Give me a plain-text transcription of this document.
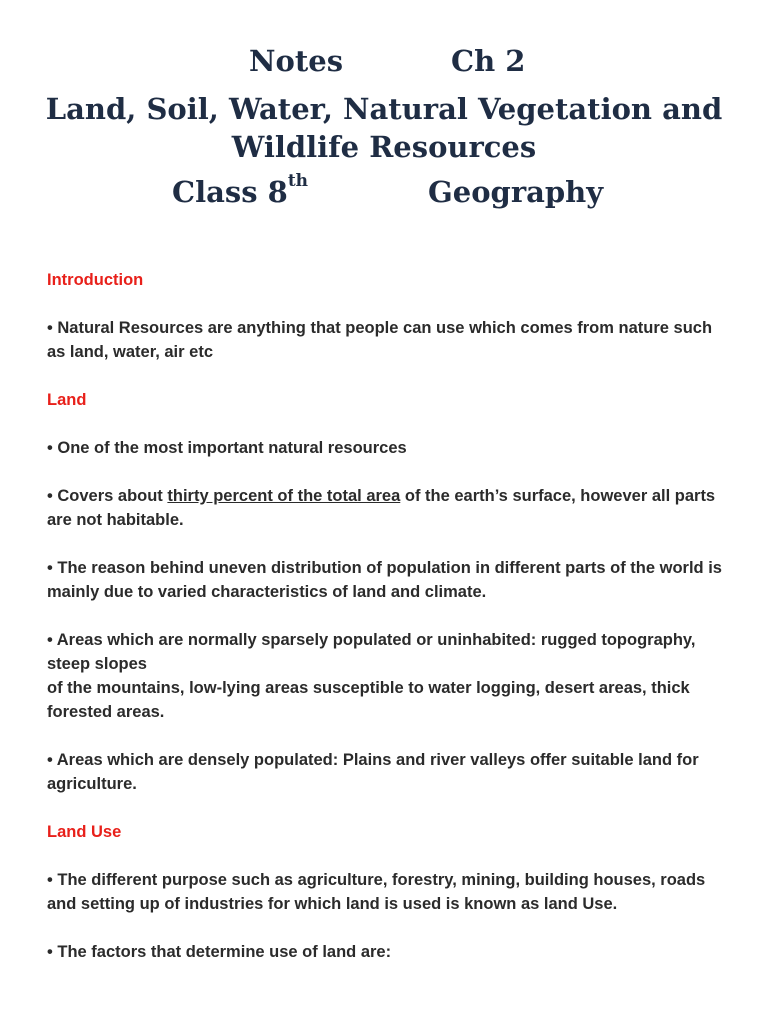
Notes	Ch 2
Land, Soil, Water, Natural Vegetation and Wildlife Resources
Class 8th	Geography

Introduction

• Natural Resources are anything that people can use which comes from nature such as land, water, air etc

Land

• One of the most important natural resources

• Covers about thirty percent of the total area of the earth’s surface, however all parts are not habitable.

• The reason behind uneven distribution of population in different parts of the world is mainly due to varied characteristics of land and climate.

• Areas which are normally sparsely populated or uninhabited: rugged topography, steep slopes

of the mountains, low-lying areas susceptible to water logging, desert areas, thick forested areas.

• Areas which are densely populated: Plains and river valleys offer suitable land for agriculture.

Land Use

• The different purpose such as agriculture, forestry, mining, building houses, roads and setting up of industries for which land is used is known as land Use.

• The factors that determine use of land are:
